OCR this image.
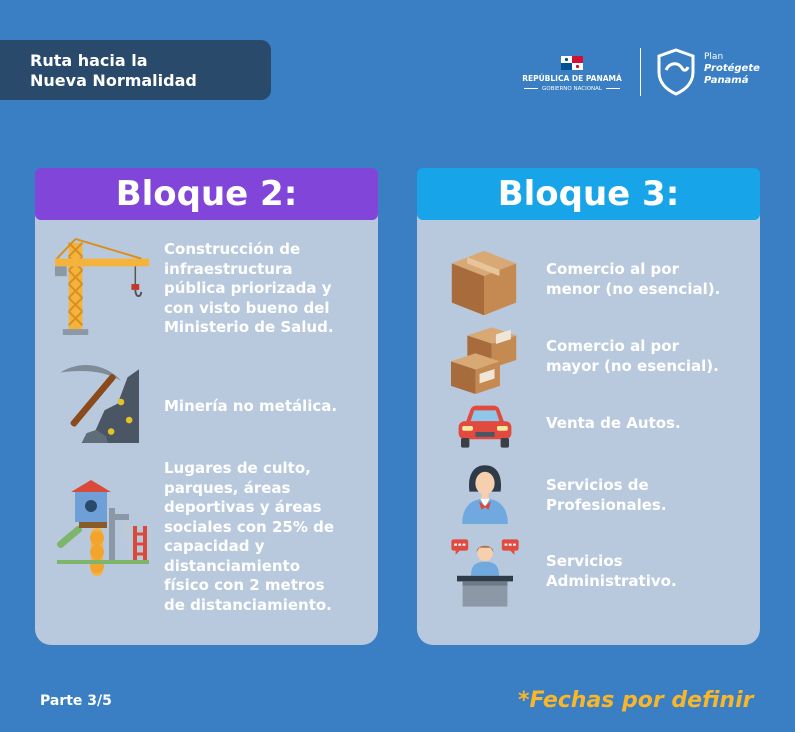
Ruta hacia la
Nueva Normalidad	REPÚBLICA DE PANAMÁ
GOBIERNO NACIONAL
Plan
Protégete
Panamá
Bloque 2:
Construcción de
infraestructura
pública priorizada y
con visto bueno del
Ministerio de Salud.
Minería no metálica.
Lugares de culto,
parques, áreas
deportivas y áreas
sociales con 25% de
capacidad y
distanciamiento
físico con 2 metros
de distanciamiento.
Bloque 3:
Comercio al por
menor (no esencial).
Comercio al por
mayor (no esencial).
Venta de Autos.
Servicios de
Profesionales.
Servicios
Administrativo.
Parte 3/5	*Fechas por definir
